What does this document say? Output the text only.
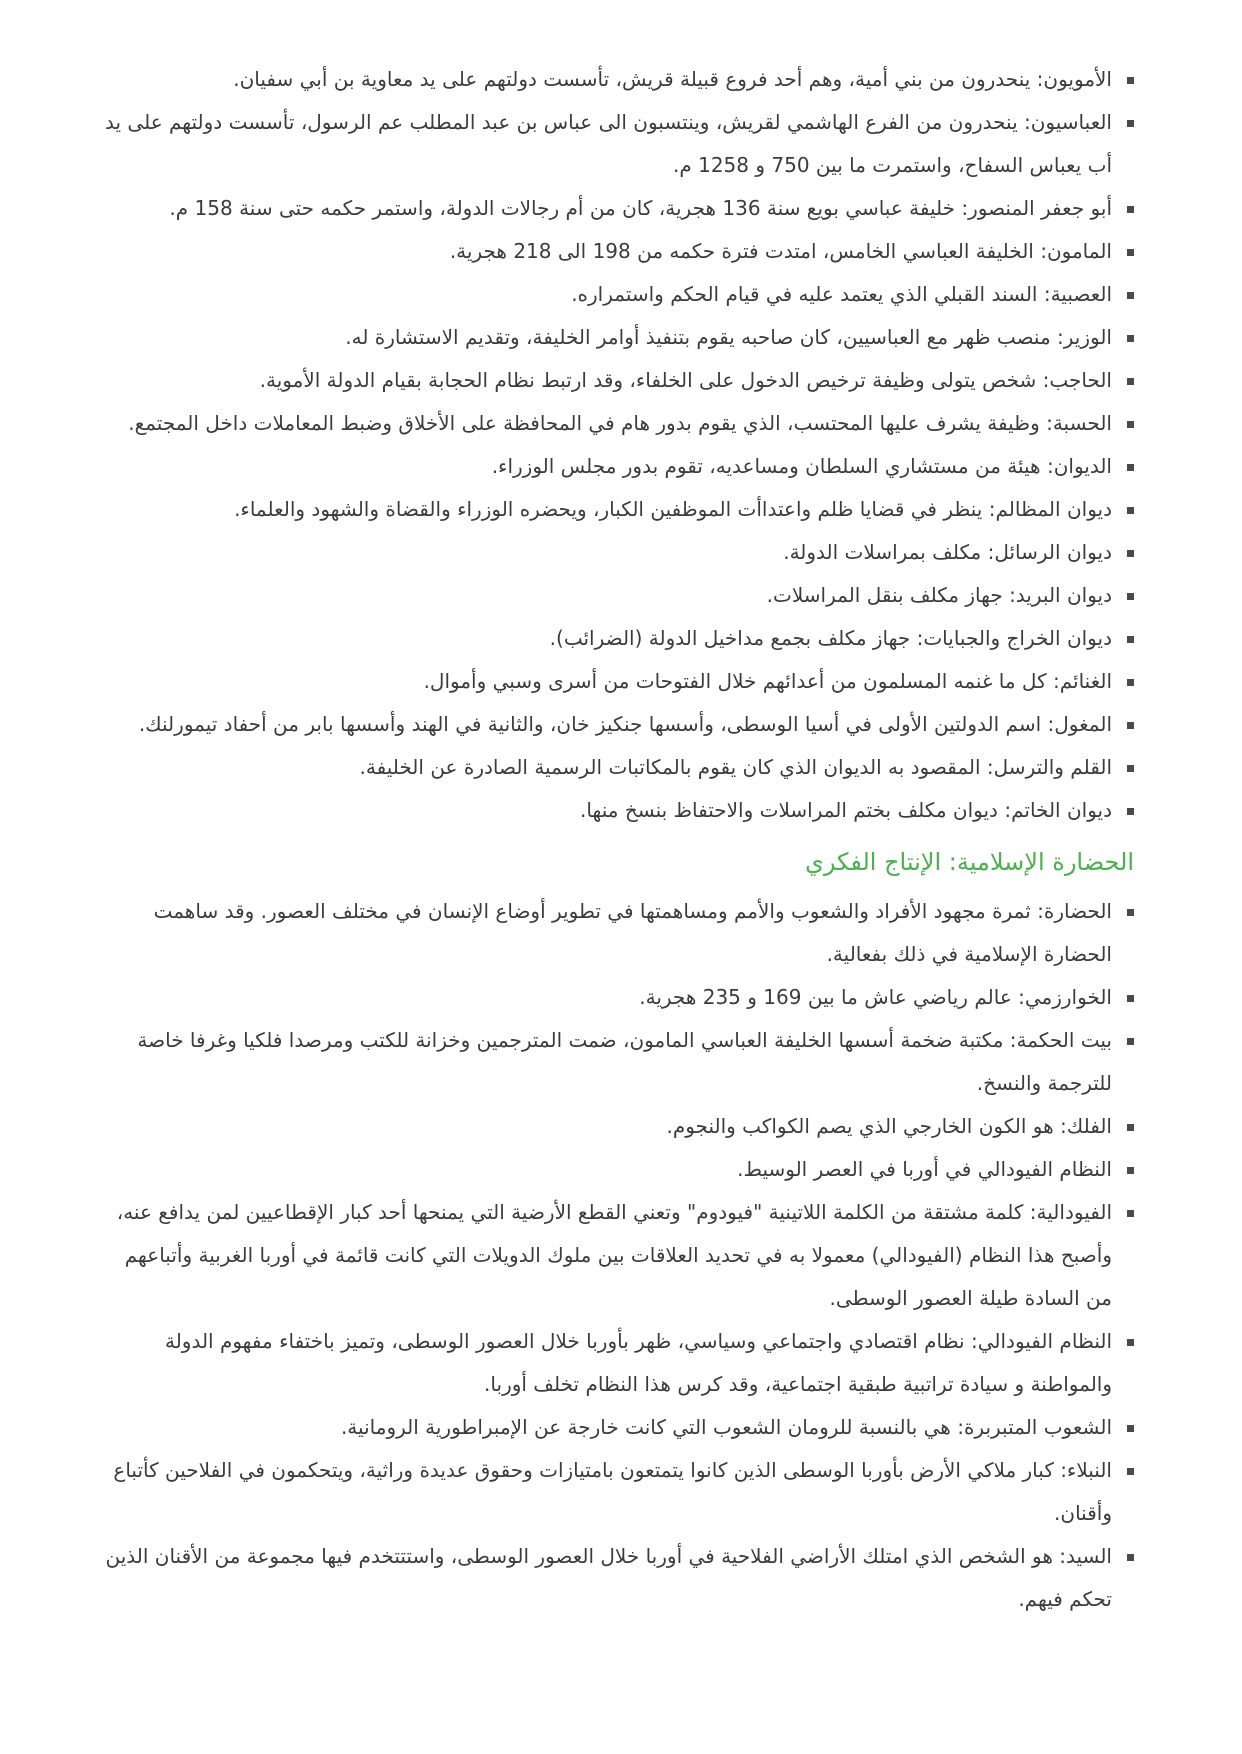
الأمويون: ينحدرون من بني أمية، وهم أحد فروع قبيلة قريش، تأسست دولتهم على يد معاوية بن أبي سفيان.
العباسيون: ينحدرون من الفرع الهاشمي لقريش، وينتسبون الى عباس بن عبد المطلب عم الرسول، تأسست دولتهم على يد أب يعباس السفاح، واستمرت ما بين 750 و 1258 م.
أبو جعفر المنصور: خليفة عباسي بويع سنة 136 هجرية، كان من أم رجالات الدولة، واستمر حكمه حتى سنة 158 م.
المامون: الخليفة العباسي الخامس، امتدت فترة حكمه من 198 الى 218 هجرية.
العصبية: السند القبلي الذي يعتمد عليه في قيام الحكم واستمراره.
الوزير: منصب ظهر مع العباسيين، كان صاحبه يقوم بتنفيذ أوامر الخليفة، وتقديم الاستشارة له.
الحاجب: شخص يتولى وظيفة ترخيص الدخول على الخلفاء، وقد ارتبط نظام الحجابة بقيام الدولة الأموية.
الحسبة: وظيفة يشرف عليها المحتسب، الذي يقوم بدور هام في المحافظة على الأخلاق وضبط المعاملات داخل المجتمع.
الديوان: هيئة من مستشاري السلطان ومساعديه، تقوم بدور مجلس الوزراء.
ديوان المظالم: ينظر في قضايا ظلم واعتداأت الموظفين الكبار، ويحضره الوزراء والقضاة والشهود والعلماء.
ديوان الرسائل: مكلف بمراسلات الدولة.
ديوان البريد: جهاز مكلف بنقل المراسلات.
ديوان الخراج والجبايات: جهاز مكلف بجمع مداخيل الدولة (الضرائب).
الغنائم: كل ما غنمه المسلمون من أعدائهم خلال الفتوحات من أسرى وسبي وأموال.
المغول: اسم الدولتين الأولى في أسيا الوسطى، وأسسها جنكيز خان، والثانية في الهند وأسسها بابر من أحفاد تيمورلنك.
القلم والترسل: المقصود به الديوان الذي كان يقوم بالمكاتبات الرسمية الصادرة عن الخليفة.
ديوان الخاتم: ديوان مكلف بختم المراسلات والاحتفاظ بنسخ منها.
الحضارة الإسلامية: الإنتاج الفكري
الحضارة: ثمرة مجهود الأفراد والشعوب والأمم ومساهمتها في تطوير أوضاع الإنسان في مختلف العصور. وقد ساهمت الحضارة الإسلامية في ذلك بفعالية.
الخوارزمي: عالم رياضي عاش ما بين 169 و 235 هجرية.
بيت الحكمة: مكتبة ضخمة أسسها الخليفة العباسي المامون، ضمت المترجمين وخزانة للكتب ومرصدا فلكيا وغرفا خاصة للترجمة والنسخ.
الفلك: هو الكون الخارجي الذي يصم الكواكب والنجوم.
النظام الفيودالي في أوربا في العصر الوسيط.
الفيودالية: كلمة مشتقة من الكلمة اللاتينية "فيودوم" وتعني القطع الأرضية التي يمنحها أحد كبار الإقطاعيين لمن يدافع عنه، وأصبح هذا النظام (الفيودالي) معمولا به في تحديد العلاقات بين ملوك الدويلات التي كانت قائمة في أوربا الغربية وأتباعهم من السادة طيلة العصور الوسطى.
النظام الفيودالي: نظام اقتصادي واجتماعي وسياسي، ظهر بأوربا خلال العصور الوسطى، وتميز باختفاء مفهوم الدولة والمواطنة و سيادة تراتبية طبقية اجتماعية، وقد كرس هذا النظام تخلف أوربا.
الشعوب المتبربرة: هي بالنسبة للرومان الشعوب التي كانت خارجة عن الإمبراطورية الرومانية.
النبلاء: كبار ملاكي الأرض بأوربا الوسطى الذين كانوا يتمتعون بامتيازات وحقوق عديدة وراثية، ويتحكمون في الفلاحين كأتباع وأقنان.
السيد: هو الشخص الذي امتلك الأراضي الفلاحية في أوربا خلال العصور الوسطى، واستتتخدم فيها مجموعة من الأقنان الذين تحكم فيهم.
